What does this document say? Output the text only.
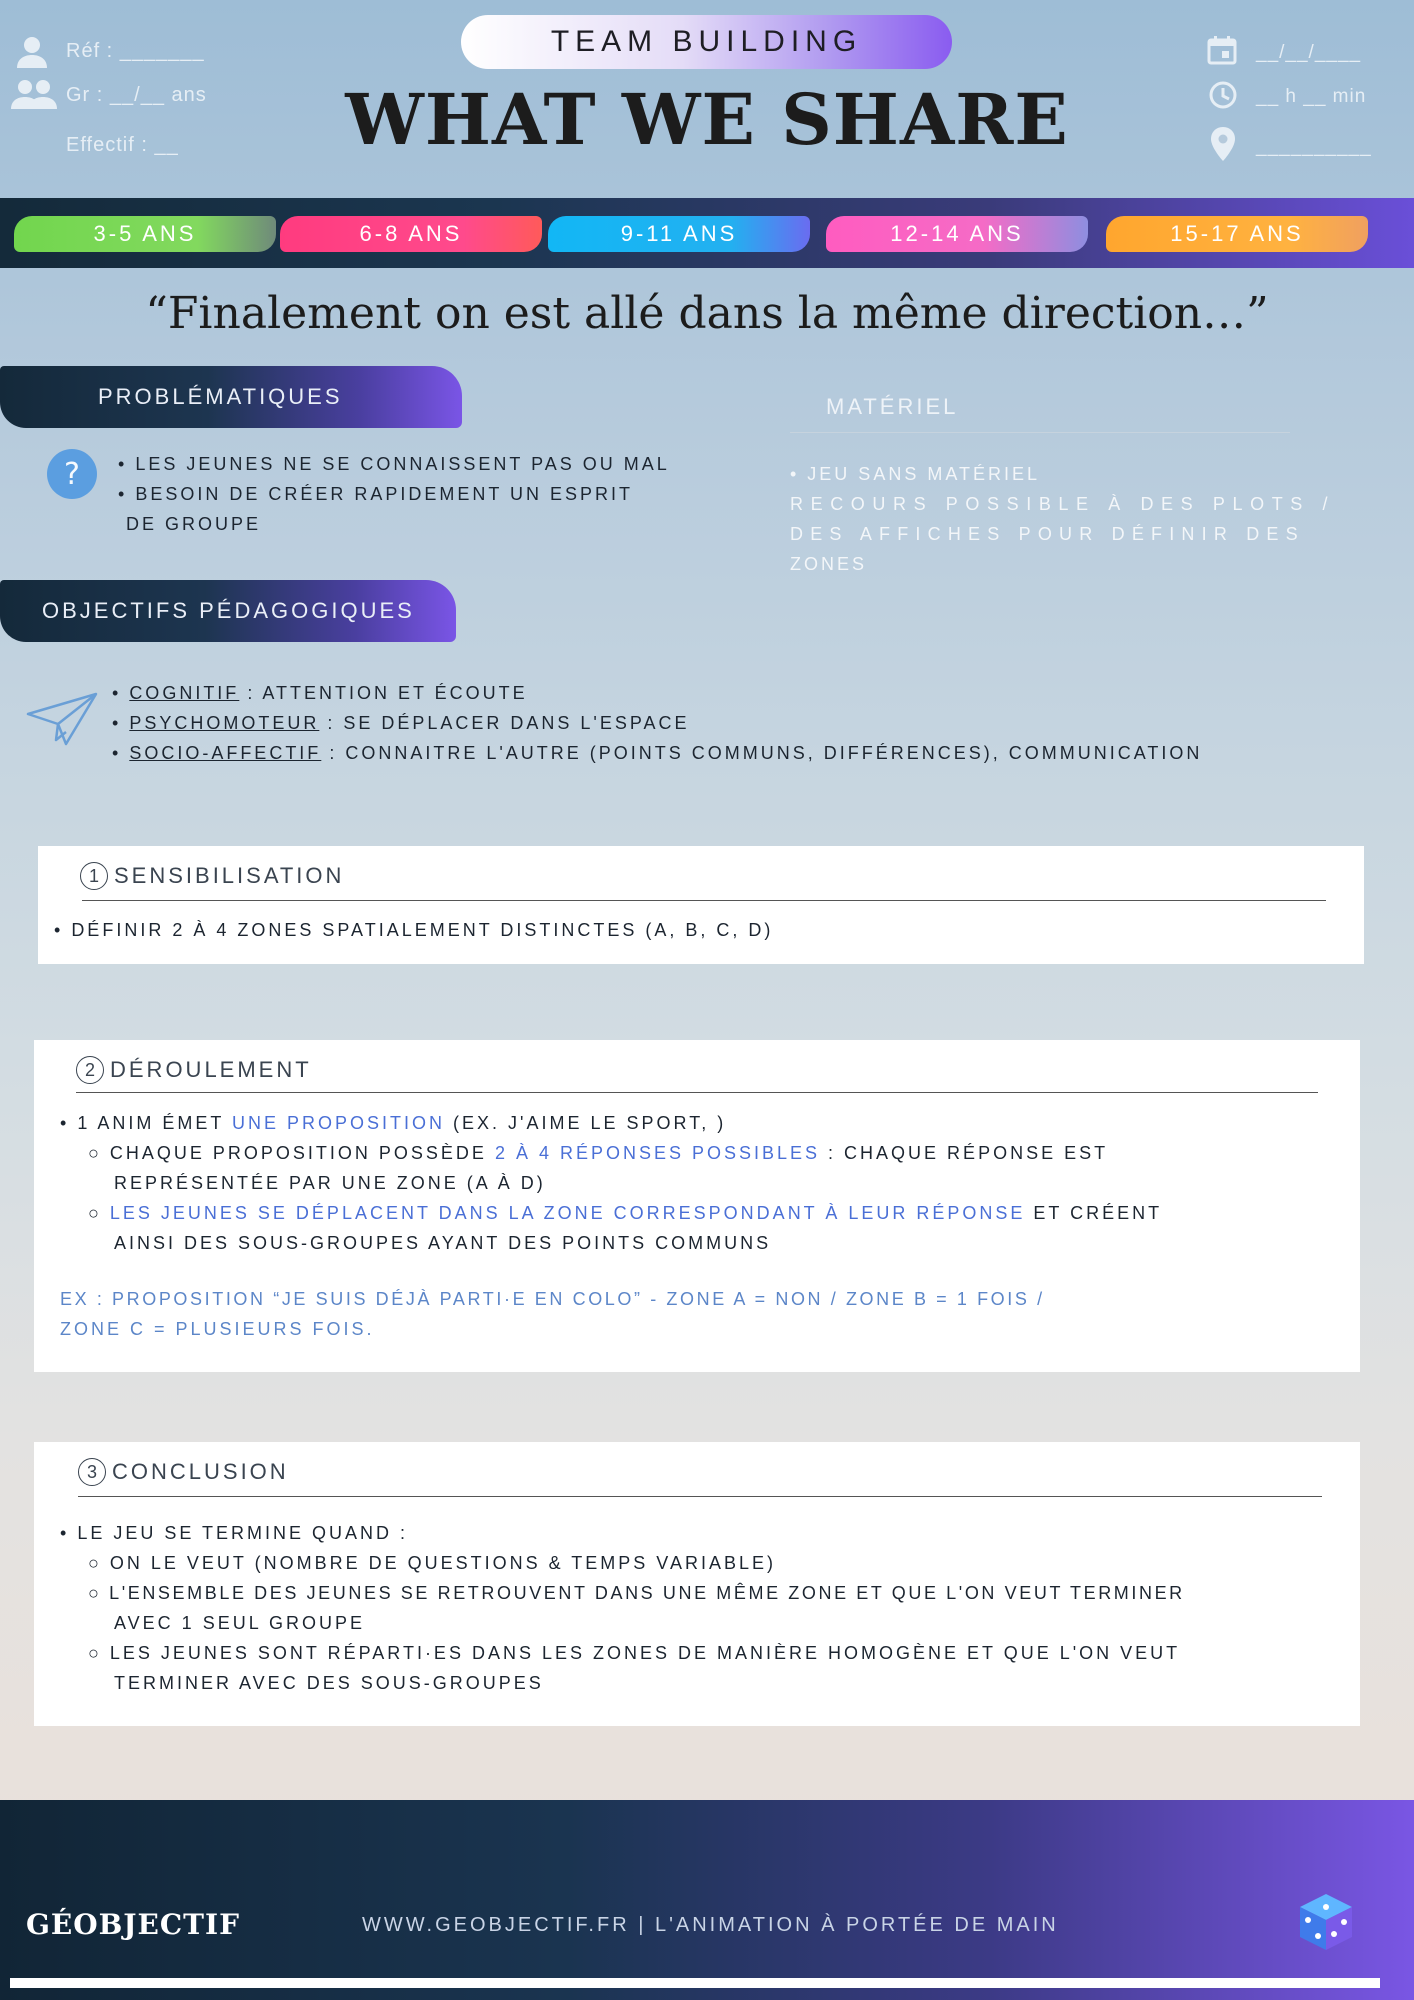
Réf : _______
Gr : __/__ ans
Effectif : __
__/__/____
__ h __ min
__________
TEAM BUILDING
WHAT WE SHARE
3-5 ANS	6-8 ANS	9-11 ANS	12-14 ANS	15-17 ANS
“Finalement on est allé dans la même direction…”
PROBLÉMATIQUES
? • LES JEUNES NE SE CONNAISSENT PAS OU MAL
• BESOIN DE CRÉER RAPIDEMENT UN ESPRIT
DE GROUPE
MATÉRIEL
• JEU SANS MATÉRIEL
RECOURS POSSIBLE À DES PLOTS /
DES AFFICHES POUR DÉFINIR DES
ZONES
OBJECTIFS PÉDAGOGIQUES
• COGNITIF : ATTENTION ET ÉCOUTE
• PSYCHOMOTEUR : SE DÉPLACER DANS L'ESPACE
• SOCIO-AFFECTIF : CONNAITRE L'AUTRE (POINTS COMMUNS, DIFFÉRENCES), COMMUNICATION
1 SENSIBILISATION
• DÉFINIR 2 À 4 ZONES SPATIALEMENT DISTINCTES (A, B, C, D)
2 DÉROULEMENT
• 1 ANIM ÉMET UNE PROPOSITION (EX. J'AIME LE SPORT, )
○ CHAQUE PROPOSITION POSSÈDE 2 À 4 RÉPONSES POSSIBLES : CHAQUE RÉPONSE EST
REPRÉSENTÉE PAR UNE ZONE (A À D)
○ LES JEUNES SE DÉPLACENT DANS LA ZONE CORRESPONDANT À LEUR RÉPONSE ET CRÉENT
AINSI DES SOUS-GROUPES AYANT DES POINTS COMMUNS
EX : PROPOSITION “JE SUIS DÉJÀ PARTI·E EN COLO” - ZONE A = NON / ZONE B = 1 FOIS /
ZONE C = PLUSIEURS FOIS.
3 CONCLUSION
• LE JEU SE TERMINE QUAND :
○ ON LE VEUT (NOMBRE DE QUESTIONS & TEMPS VARIABLE)
○ L'ENSEMBLE DES JEUNES SE RETROUVENT DANS UNE MÊME ZONE ET QUE L'ON VEUT TERMINER
AVEC 1 SEUL GROUPE
○ LES JEUNES SONT RÉPARTI·ES DANS LES ZONES DE MANIÈRE HOMOGÈNE ET QUE L'ON VEUT
TERMINER AVEC DES SOUS-GROUPES
GÉOBJECTIF	WWW.GEOBJECTIF.FR | L'ANIMATION À PORTÉE DE MAIN
